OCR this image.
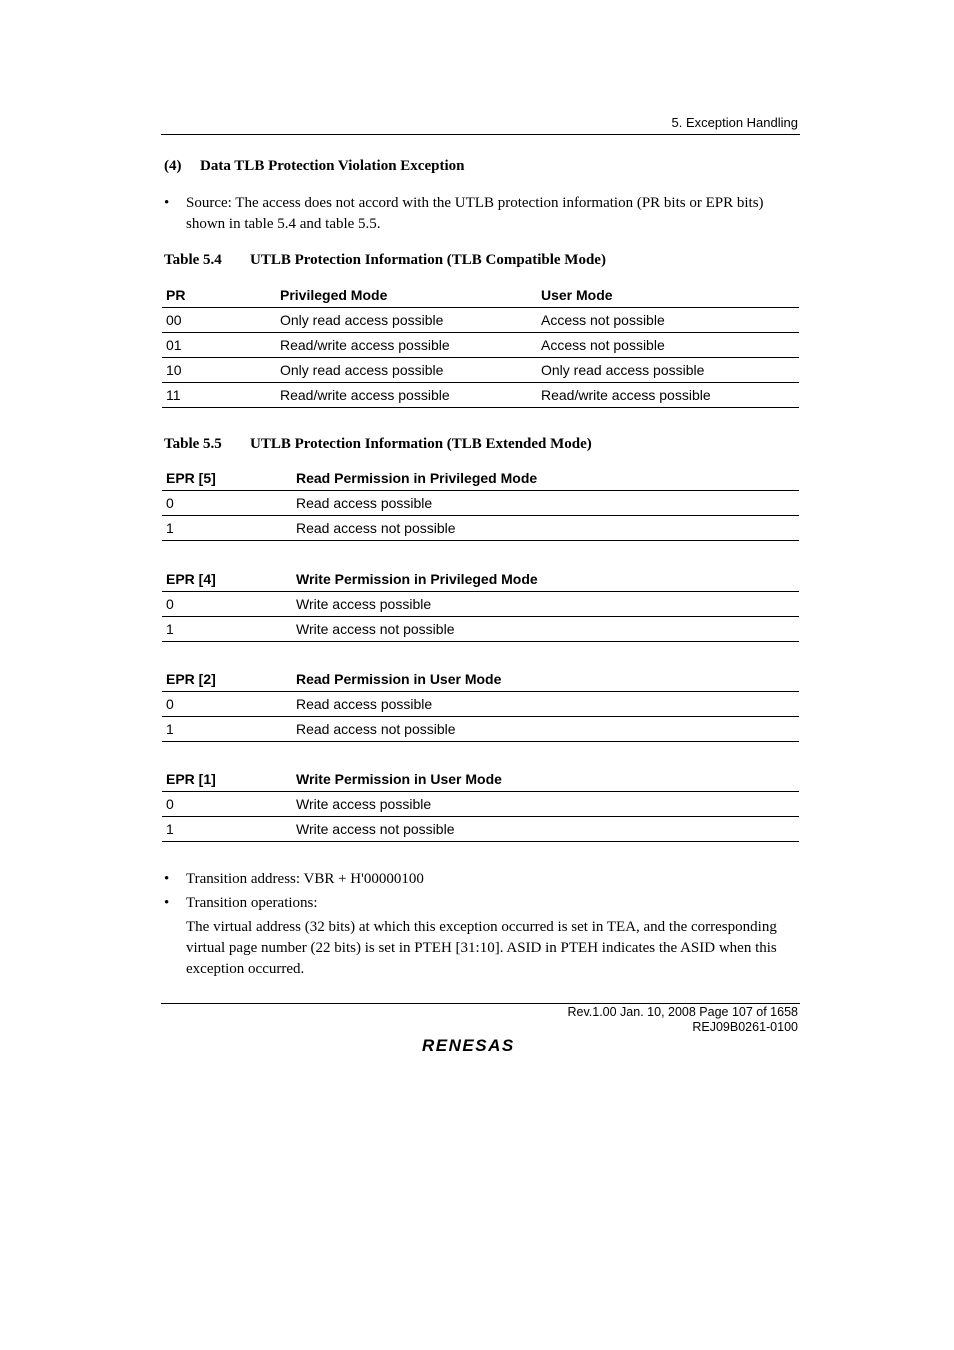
5. Exception Handling
(4) Data TLB Protection Violation Exception
•	Source: The access does not accord with the UTLB protection information (PR bits or EPR bits) shown in table 5.4 and table 5.5.
Table 5.4 UTLB Protection Information (TLB Compatible Mode)
PR	Privileged Mode	User Mode
00	Only read access possible	Access not possible
01	Read/write access possible	Access not possible
10	Only read access possible	Only read access possible
11	Read/write access possible	Read/write access possible
Table 5.5 UTLB Protection Information (TLB Extended Mode)
EPR [5]	Read Permission in Privileged Mode
0	Read access possible
1	Read access not possible
EPR [4]	Write Permission in Privileged Mode
0	Write access possible
1	Write access not possible
EPR [2]	Read Permission in User Mode
0	Read access possible
1	Read access not possible
EPR [1]	Write Permission in User Mode
0	Write access possible
1	Write access not possible
•	Transition address: VBR + H'00000100
•	Transition operations:
The virtual address (32 bits) at which this exception occurred is set in TEA, and the corresponding virtual page number (22 bits) is set in PTEH [31:10]. ASID in PTEH indicates the ASID when this exception occurred.
Rev.1.00 Jan. 10, 2008 Page 107 of 1658
REJ09B0261-0100
RENESAS
